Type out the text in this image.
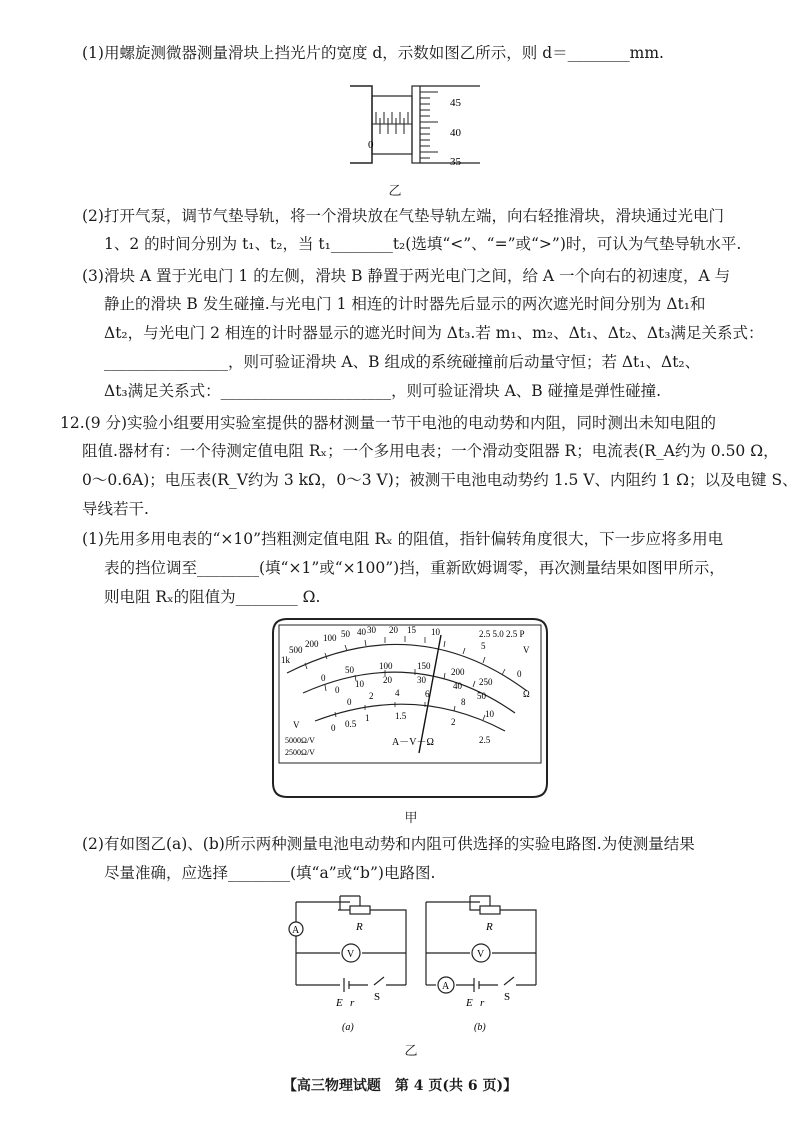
(1)用螺旋测微器测量滑块上挡光片的宽度 d，示数如图乙所示，则 d＝________mm.
0
45
40
35
乙
(2)打开气泵，调节气垫导轨，将一个滑块放在气垫导轨左端，向右轻推滑块，滑块通过光电门
1、2 的时间分别为 t₁、t₂，当 t₁________t₂(选填“<”、“=”或“>”)时，可认为气垫导轨水平.
(3)滑块 A 置于光电门 1 的左侧，滑块 B 静置于两光电门之间，给 A 一个向右的初速度，A 与
静止的滑块 B 发生碰撞.与光电门 1 相连的计时器先后显示的两次遮光时间分别为 Δt₁和
Δt₂，与光电门 2 相连的计时器显示的遮光时间为 Δt₃.若 m₁、m₂、Δt₁、Δt₂、Δt₃满足关系式：
________________，则可验证滑块 A、B 组成的系统碰撞前后动量守恒；若 Δt₁、Δt₂、
Δt₃满足关系式：______________________，则可验证滑块 A、B 碰撞是弹性碰撞.
12.(9 分)实验小组要用实验室提供的器材测量一节干电池的电动势和内阻，同时测出未知电阻的
阻值.器材有：一个待测定值电阻 Rₓ；一个多用电表；一个滑动变阻器 R；电流表(R_A约为 0.50 Ω，
0～0.6A)；电压表(R_V约为 3 kΩ，0～3 V)；被测干电池电动势约 1.5 V、内阻约 1 Ω；以及电键 S、
导线若干.
(1)先用多用电表的“×10”挡粗测定值电阻 Rₓ 的阻值，指针偏转角度很大，下一步应将多用电
表的挡位调至________(填“×1”或“×100”)挡，重新欧姆调零，再次测量结果如图甲所示，
则电阻 Rₓ的阻值为________ Ω.
1k
500
200
100 50 40 30 20 15 10
5
0
2.5 5.0 2.5 P
V
Ω
0
50	100	150
200
250
0
10 20	30
40
50
0
2 4	6
8
10
0 0.5
1	1.5
2
2.5
A－V－Ω
5000Ω/V
2500Ω/V
V
甲
(2)有如图乙(a)、(b)所示两种测量电池电动势和内阻可供选择的实验电路图.为使测量结果
尽量准确，应选择________(填“a”或“b”)电路图.
A
V
R
E r S
(a)
V
A
R
E r S
(b)
乙
【高三物理试题　第 4 页(共 6 页)】
